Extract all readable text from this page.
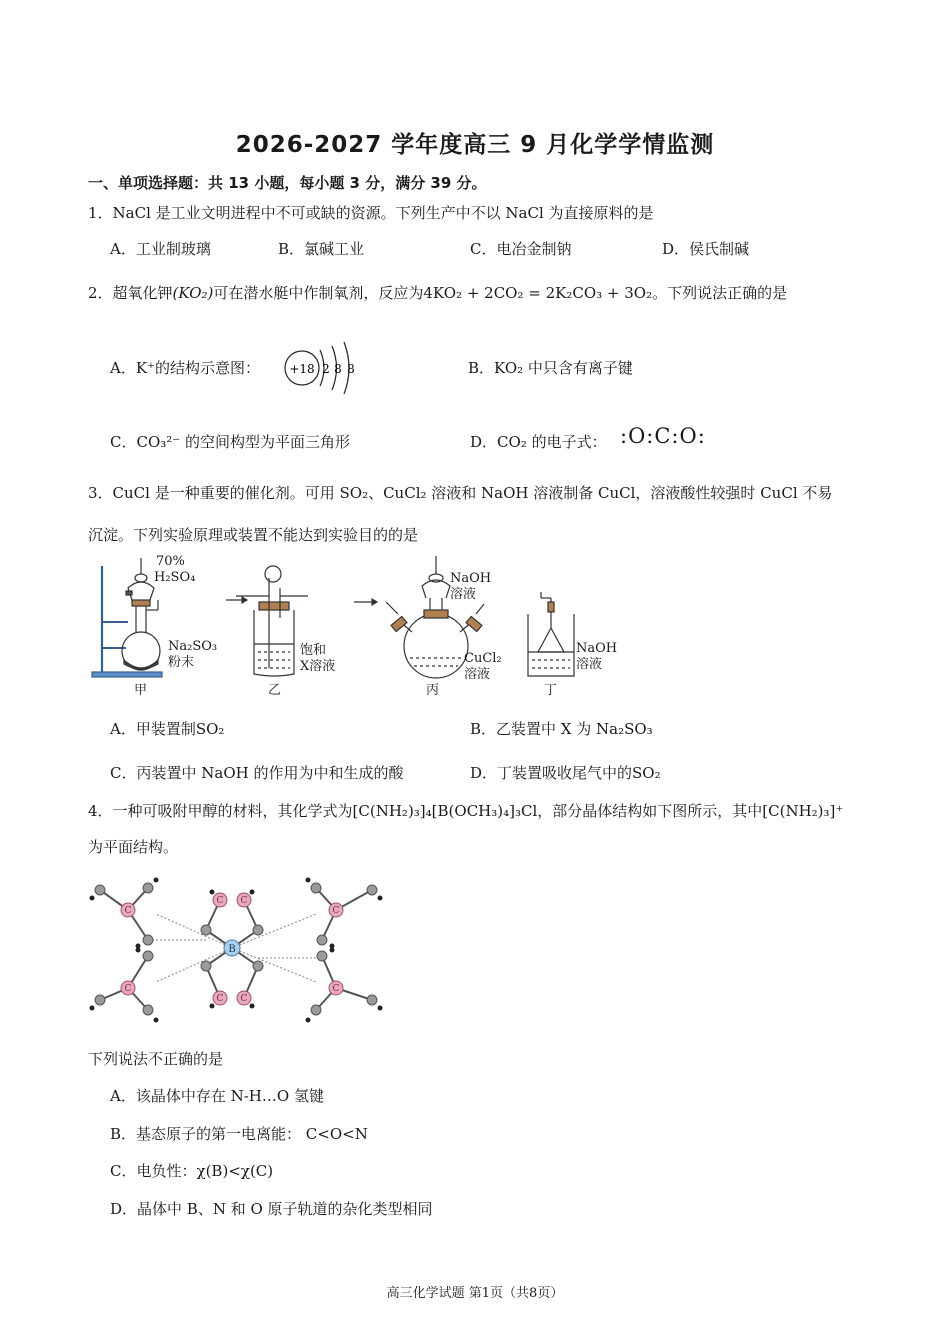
2026-2027 学年度高三 9 月化学学情监测
一、单项选择题：共 13 小题，每小题 3 分，满分 39 分。
1．NaCl 是工业文明进程中不可或缺的资源。下列生产中不以 NaCl 为直接原料的是
A．工业制玻璃	B．氯碱工业	C．电冶金制钠	D．侯氏制碱
2．超氧化钾(KO₂)可在潜水艇中作制氧剂，反应为4KO₂ + 2CO₂ = 2K₂CO₃ + 3O₂。下列说法正确的是
A．K⁺的结构示意图： +18 2 8 8	B．KO₂ 中只含有离子键
C．CO₃²⁻ 的空间构型为平面三角形	D．CO₂ 的电子式： :O:C:O:
3．CuCl 是一种重要的催化剂。可用 SO₂、CuCl₂ 溶液和 NaOH 溶液制备 CuCl，溶液酸性较强时 CuCl 不易
沉淀。下列实验原理或装置不能达到实验目的的是
70%
H₂SO₄
Na₂SO₃
粉末
甲
饱和
X溶液
乙
NaOH
溶液
CuCl₂
溶液
丙
NaOH
溶液
丁
A．甲装置制SO₂	B．乙装置中 X 为 Na₂SO₃
C．丙装置中 NaOH 的作用为中和生成的酸	D．丁装置吸收尾气中的SO₂
4．一种可吸附甲醇的材料，其化学式为[C(NH₂)₃]₄[B(OCH₃)₄]₃Cl，部分晶体结构如下图所示，其中[C(NH₂)₃]⁺
为平面结构。
C
C
C C
C C
C
C
B
下列说法不正确的是
A．该晶体中存在 N-H…O 氢键
B．基态原子的第一电离能： C<O<N
C．电负性：χ(B)<χ(C)
D．晶体中 B、N 和 O 原子轨道的杂化类型相同
高三化学试题 第1页（共8页）
